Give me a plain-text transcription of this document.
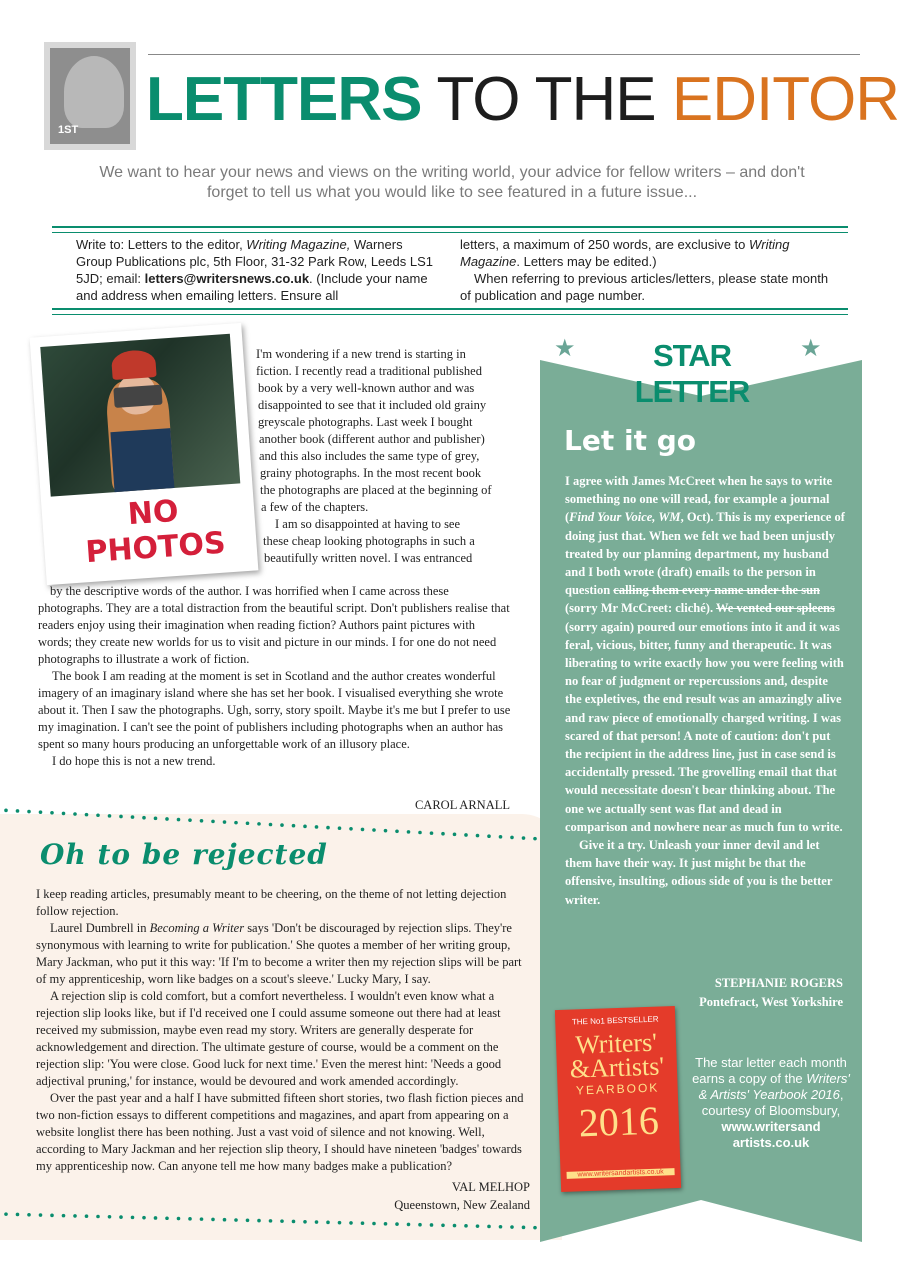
1ST LETTERS TO THE EDITOR
We want to hear your news and views on the writing world, your advice for fellow writers – and don't forget to tell us what you would like to see featured in a future issue...
Write to: Letters to the editor, Writing Magazine, Warners Group Publications plc, 5th Floor, 31-32 Park Row, Leeds LS1 5JD; email: letters@writersnews.co.uk. (Include your name and address when emailing letters. Ensure all

letters, a maximum of 250 words, are exclusive to Writing Magazine. Letters may be edited.)

When referring to previous articles/letters, please state month of publication and page number.

NO PHOTOS
I'm wondering if a new trend is starting in
fiction. I recently read a traditional published
book by a very well-known author and was
disappointed to see that it included old grainy
greyscale photographs. Last week I bought
another book (different author and publisher)
and this also includes the same type of grey,
grainy photographs. In the most recent book
the photographs are placed at the beginning of
a few of the chapters.
I am so disappointed at having to see
these cheap looking photographs in such a
beautifully written novel. I was entranced

by the descriptive words of the author. I was horrified when I came across these photographs. They are a total distraction from the beautiful script. Don't publishers realise that readers enjoy using their imagination when reading fiction? Authors paint pictures with words; they create new worlds for us to visit and picture in our minds. I for one do not need photographs to illustrate a work of fiction.

The book I am reading at the moment is set in Scotland and the author creates wonderful imagery of an imaginary island where she has set her book. I visualised everything she wrote about it. Then I saw the photographs. Ugh, sorry, story spoilt. Maybe it's me but I prefer to use my imagination. I can't see the point of publishers including photographs when an author has spent so many hours producing an unforgettable work of an illusory place.

I do hope this is not a new trend.

CAROL ARNALL
Oh to be rejected

I keep reading articles, presumably meant to be cheering, on the theme of not letting dejection follow rejection.

Laurel Dumbrell in Becoming a Writer says 'Don't be discouraged by rejection slips. They're synonymous with learning to write for publication.' She quotes a member of her writing group, Mary Jackman, who put it this way: 'If I'm to become a writer then my rejection slips will be part of my apprenticeship, worn like badges on a scout's sleeve.' Lucky Mary, I say.

A rejection slip is cold comfort, but a comfort nevertheless. I wouldn't even know what a rejection slip looks like, but if I'd received one I could assume someone out there had at least received my submission, maybe even read my story. Writers are generally desperate for acknowledgement and direction. The ultimate gesture of course, would be a comment on the rejection slip: 'You were close. Good luck for next time.' Even the merest hint: 'Needs a good adjectival pruning,' for instance, would be devoured and work amended accordingly.

Over the past year and a half I have submitted fifteen short stories, two flash fiction pieces and two non-fiction essays to different competitions and magazines, and apart from appearing on a website longlist there has been nothing. Just a vast void of silence and not knowing. Well, according to Mary Jackman and her rejection slip theory, I should have nineteen 'badges' towards my apprenticeship now. Can anyone tell me how many badges make a publication?

VAL MELHOP
Queenstown, New Zealand
★	★
STAR LETTER
Let it go

I agree with James McCreet when he says to write something no one will read, for example a journal (Find Your Voice, WM, Oct). This is my experience of doing just that. When we felt we had been unjustly treated by our planning department, my husband and I both wrote (draft) emails to the person in question calling them every name under the sun (sorry Mr McCreet: cliché). We vented our spleens (sorry again) poured our emotions into it and it was feral, vicious, bitter, funny and therapeutic. It was liberating to write exactly how you were feeling with no fear of judgment or repercussions and, despite the expletives, the end result was an amazingly alive and raw piece of emotionally charged writing. I was scared of that person! A note of caution: don't put the recipient in the address line, just in case send is accidentally pressed. The grovelling email that that would necessitate doesn't bear thinking about. The one we actually sent was flat and dead in comparison and nowhere near as much fun to write.

Give it a try. Unleash your inner devil and let them have their way. It just might be that the offensive, insulting, odious side of you is the better writer.

STEPHANIE ROGERS
Pontefract, West Yorkshire
THE No1 BESTSELLER
Writers'
&Artists'
YEARBOOK
2016
www.writersandartists.co.uk
The star letter each month earns a copy of the Writers' & Artists' Yearbook 2016, courtesy of Bloomsbury, www.writersand artists.co.uk
